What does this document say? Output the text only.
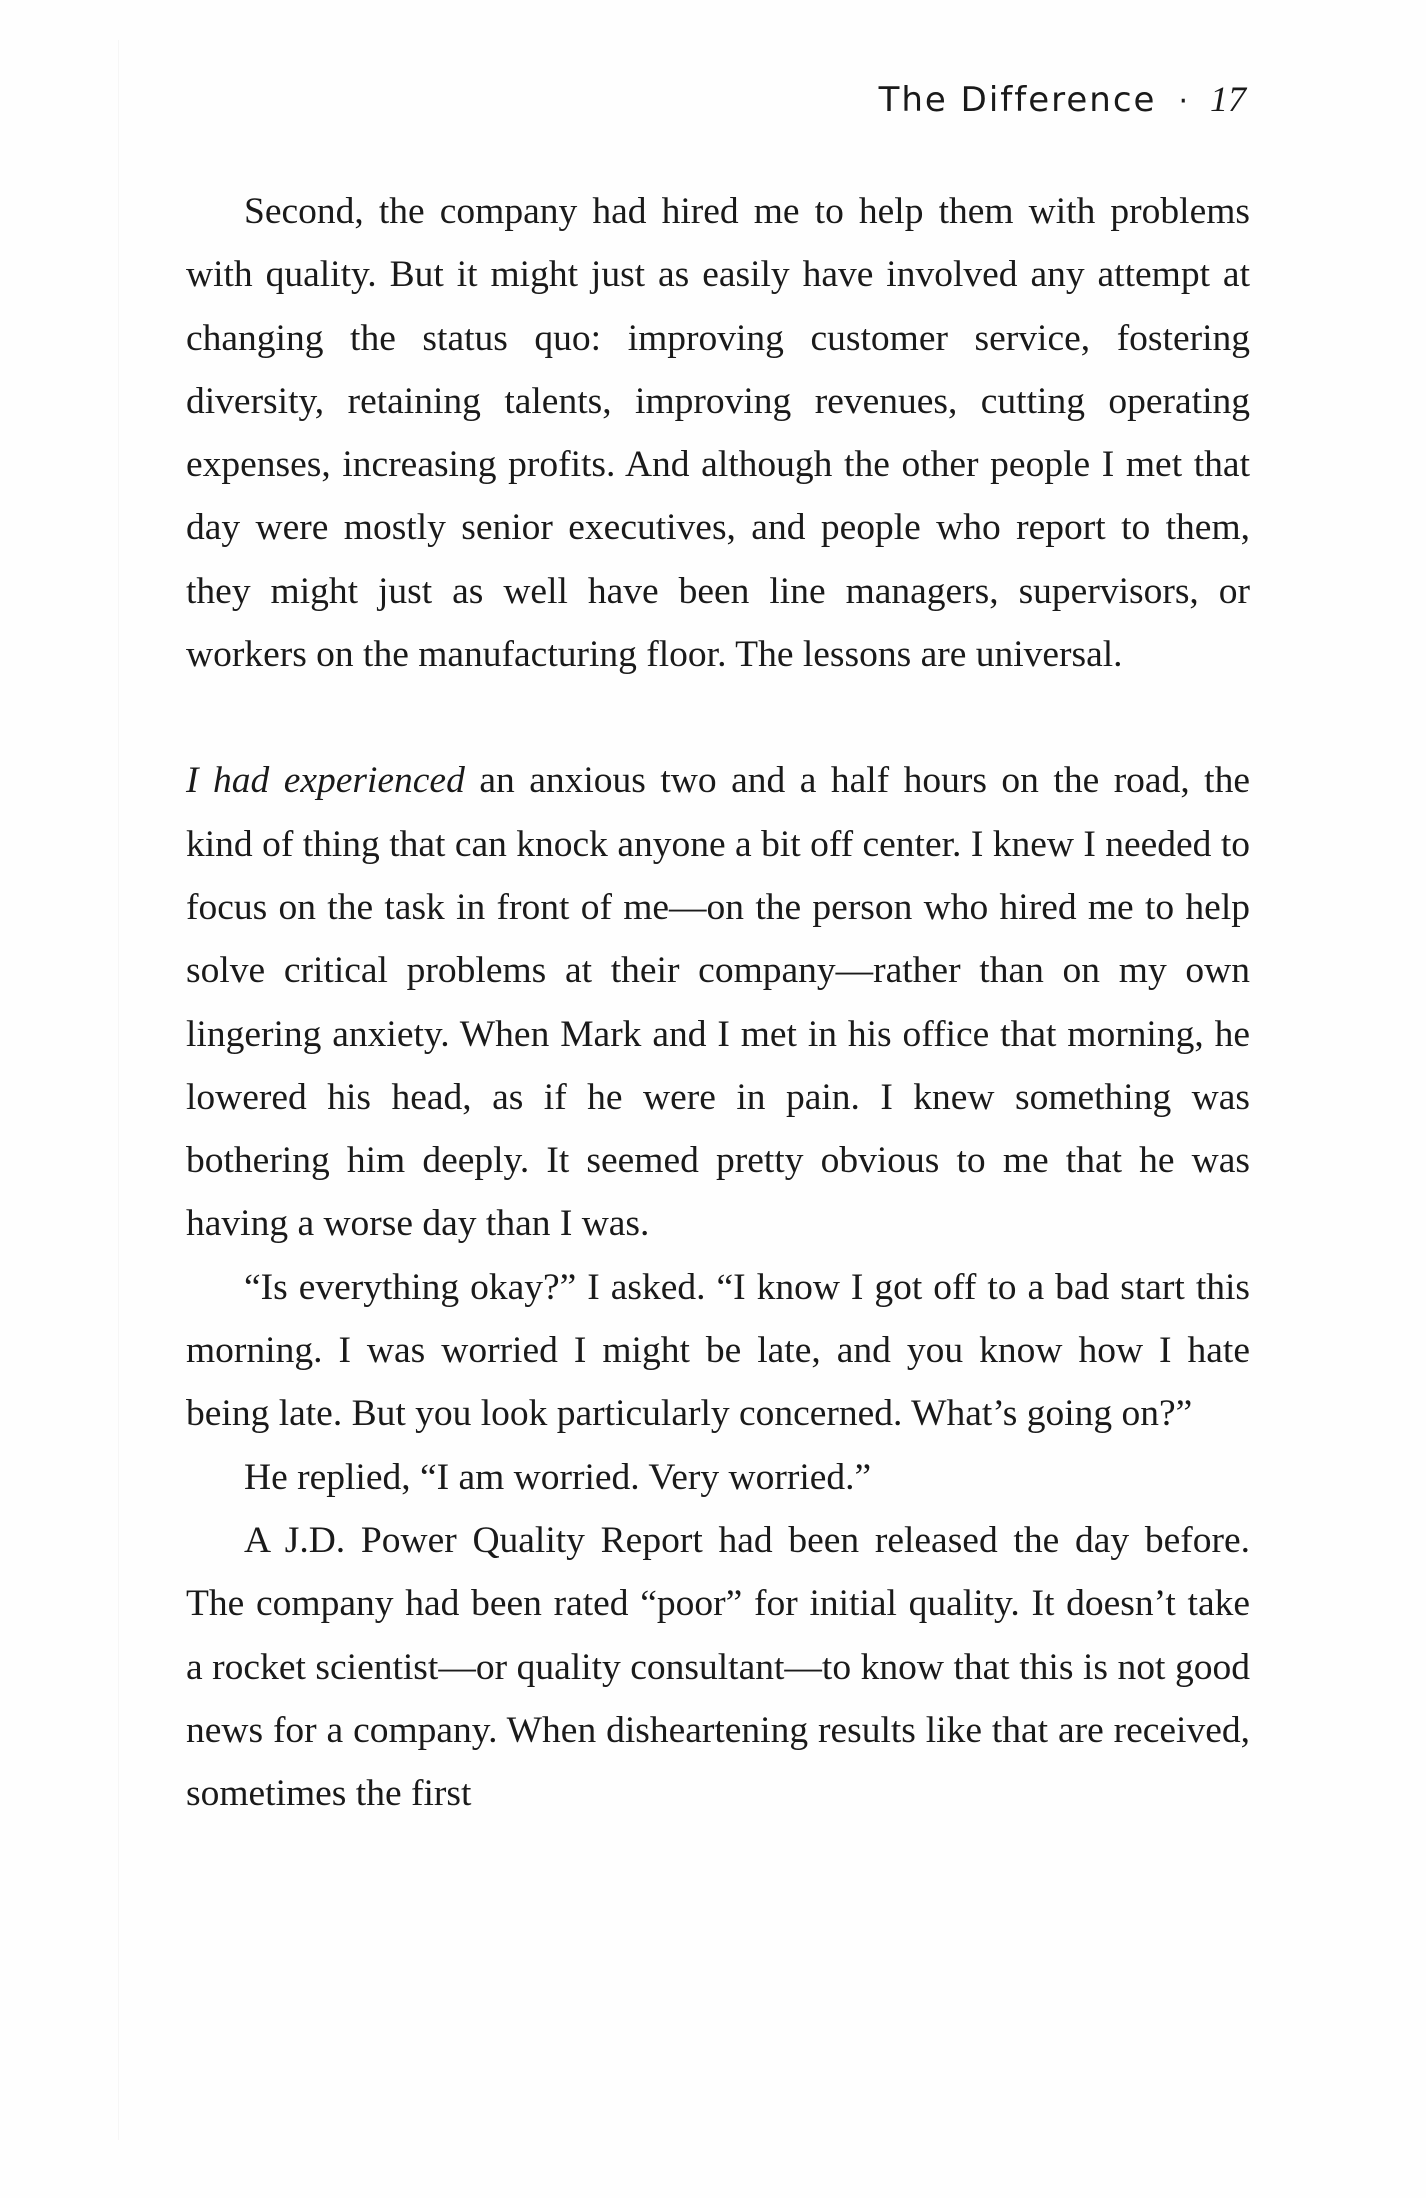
The Difference · 17

Second, the company had hired me to help them with problems with quality. But it might just as easily have involved any attempt at changing the status quo: improving customer service, fostering diversity, retaining talents, improving revenues, cutting operating expenses, increasing profits. And although the other people I met that day were mostly senior executives, and people who report to them, they might just as well have been line managers, supervisors, or workers on the manufacturing floor. The lessons are universal.

I had experienced an anxious two and a half hours on the road, the kind of thing that can knock anyone a bit off center. I knew I needed to focus on the task in front of me—on the person who hired me to help solve critical problems at their company—rather than on my own lingering anxiety. When Mark and I met in his office that morning, he lowered his head, as if he were in pain. I knew something was bothering him deeply. It seemed pretty obvious to me that he was having a worse day than I was.

“Is everything okay?” I asked. “I know I got off to a bad start this morning. I was worried I might be late, and you know how I hate being late. But you look particularly concerned. What’s going on?”

He replied, “I am worried. Very worried.”

A J.D. Power Quality Report had been released the day before. The company had been rated “poor” for initial quality. It doesn’t take a rocket scientist—or quality consultant—to know that this is not good news for a company. When disheartening results like that are received, sometimes the first
